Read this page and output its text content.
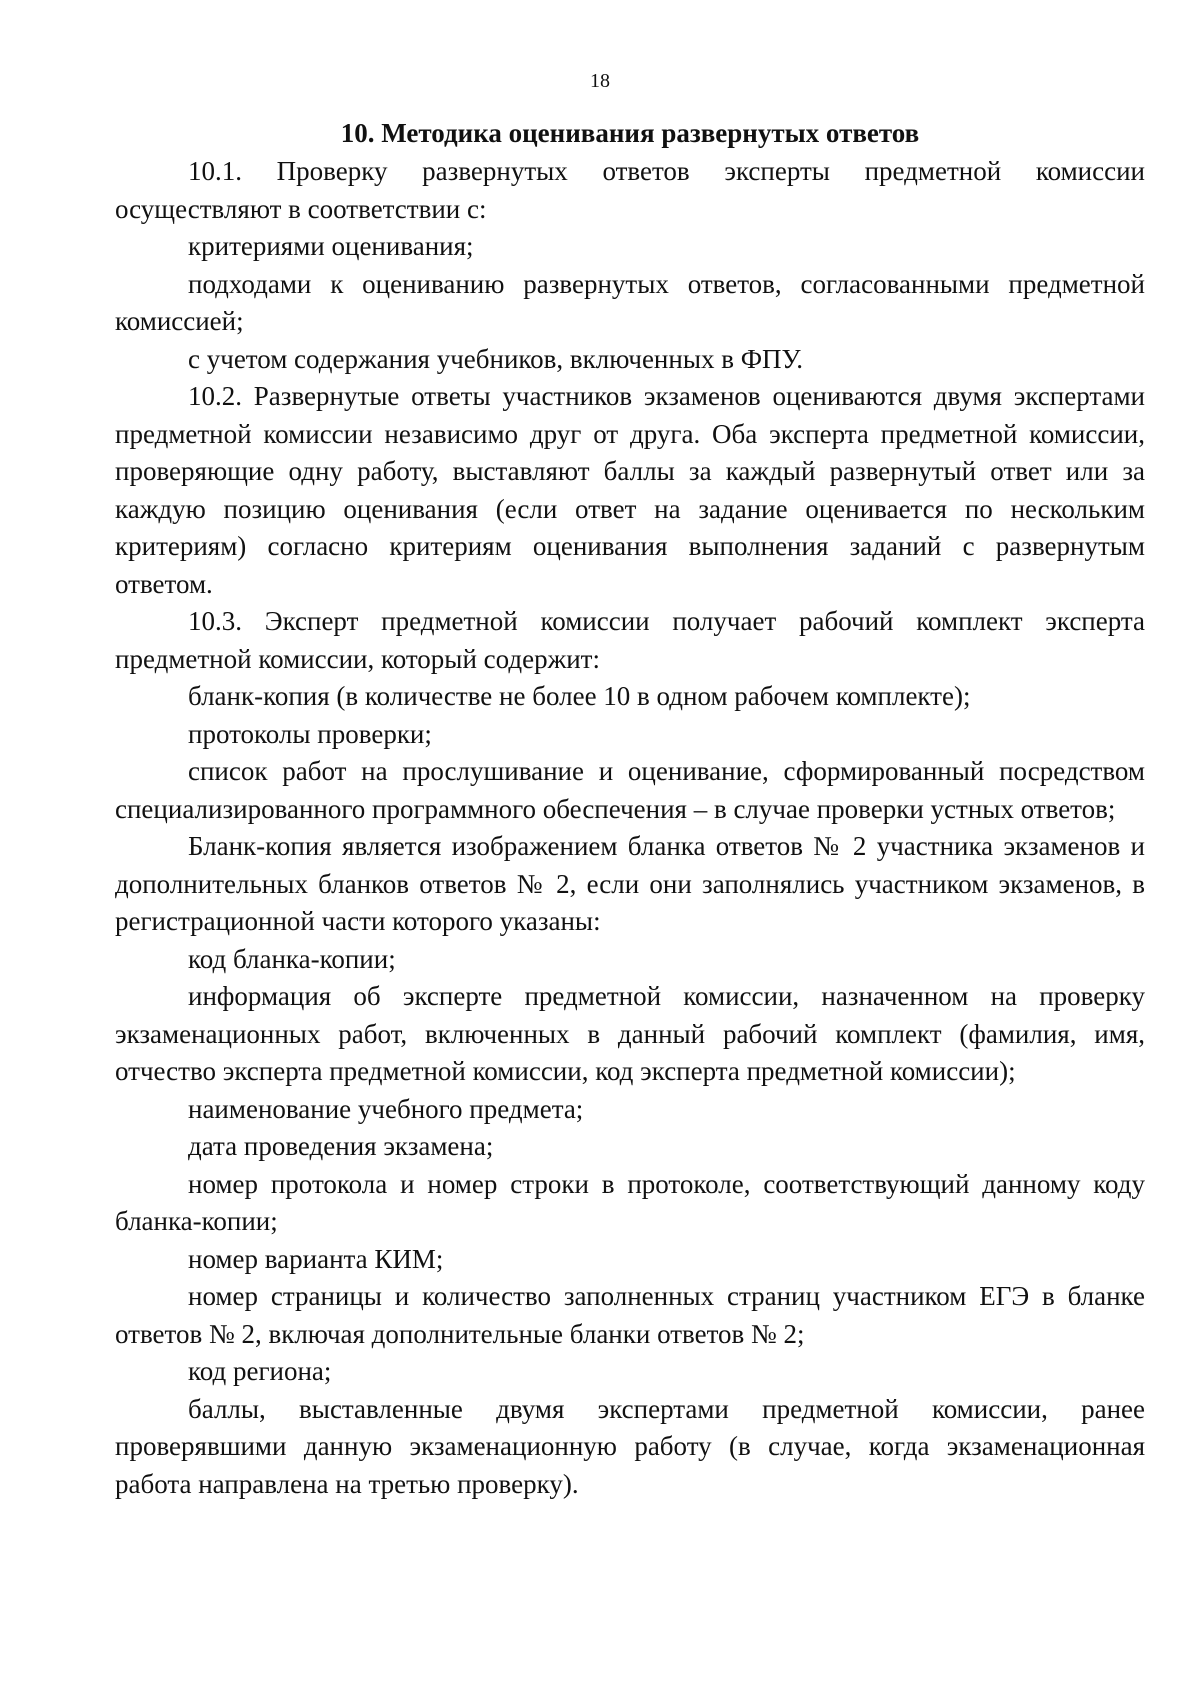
18
10. Методика оценивания развернутых ответов

10.1. Проверку развернутых ответов эксперты предметной комиссии осуществляют в соответствии с:

критериями оценивания;

подходами к оцениванию развернутых ответов, согласованными предметной комиссией;

с учетом содержания учебников, включенных в ФПУ.

10.2. Развернутые ответы участников экзаменов оцениваются двумя экспертами предметной комиссии независимо друг от друга. Оба эксперта предметной комиссии, проверяющие одну работу, выставляют баллы за каждый развернутый ответ или за каждую позицию оценивания (если ответ на задание оценивается по нескольким критериям) согласно критериям оценивания выполнения заданий с развернутым ответом.

10.3. Эксперт предметной комиссии получает рабочий комплект эксперта предметной комиссии, который содержит:

бланк-копия (в количестве не более 10 в одном рабочем комплекте);

протоколы проверки;

список работ на прослушивание и оценивание, сформированный посредством специализированного программного обеспечения – в случае проверки устных ответов;

Бланк-копия является изображением бланка ответов № 2 участника экзаменов и дополнительных бланков ответов № 2, если они заполнялись участником экзаменов, в регистрационной части которого указаны:

код бланка-копии;

информация об эксперте предметной комиссии, назначенном на проверку экзаменационных работ, включенных в данный рабочий комплект (фамилия, имя, отчество эксперта предметной комиссии, код эксперта предметной комиссии);

наименование учебного предмета;

дата проведения экзамена;

номер протокола и номер строки в протоколе, соответствующий данному коду бланка-копии;

номер варианта КИМ;

номер страницы и количество заполненных страниц участником ЕГЭ в бланке ответов № 2, включая дополнительные бланки ответов № 2;

код региона;

баллы, выставленные двумя экспертами предметной комиссии, ранее проверявшими данную экзаменационную работу (в случае, когда экзаменационная работа направлена на третью проверку).
